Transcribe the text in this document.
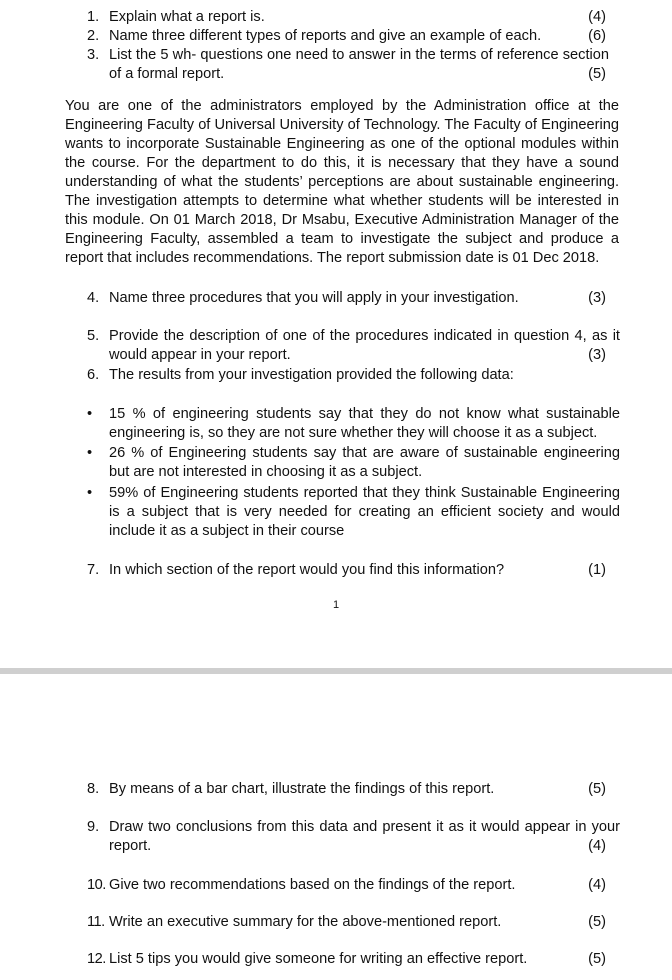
1. Explain what a report is.	(4)
2. Name three different types of reports and give an example of each.	(6)
3. List the 5 wh- questions one need to answer in the terms of reference section of a formal report.	(5)
You are one of the administrators employed by the Administration office at the Engineering Faculty of Universal University of Technology. The Faculty of Engineering wants to incorporate Sustainable Engineering as one of the optional modules within the course. For the department to do this, it is necessary that they have a sound understanding of what the students’ perceptions are about sustainable engineering. The investigation attempts to determine what whether students will be interested in this module. On 01 March 2018, Dr Msabu, Executive Administration Manager of the Engineering Faculty, assembled a team to investigate the subject and produce a report that includes recommendations. The report submission date is 01 Dec 2018.
4. Name three procedures that you will apply in your investigation.	(3)
5. Provide the description of one of the procedures indicated in question 4, as it would appear in your report.	(3)
6. The results from your investigation provided the following data:
• 15 % of engineering students say that they do not know what sustainable engineering is, so they are not sure whether they will choose it as a subject.
• 26 % of Engineering students say that are aware of sustainable engineering but are not interested in choosing it as a subject.
• 59% of Engineering students reported that they think Sustainable Engineering is a subject that is very needed for creating an efficient society and would include it as a subject in their course
7. In which section of the report would you find this information?	(1)
1
8. By means of a bar chart, illustrate the findings of this report.	(5)
9. Draw two conclusions from this data and present it as it would appear in your report.	(4)
10. Give two recommendations based on the findings of the report.	(4)
11. Write an executive summary for the above-mentioned report.	(5)
12. List 5 tips you would give someone for writing an effective report.	(5)
